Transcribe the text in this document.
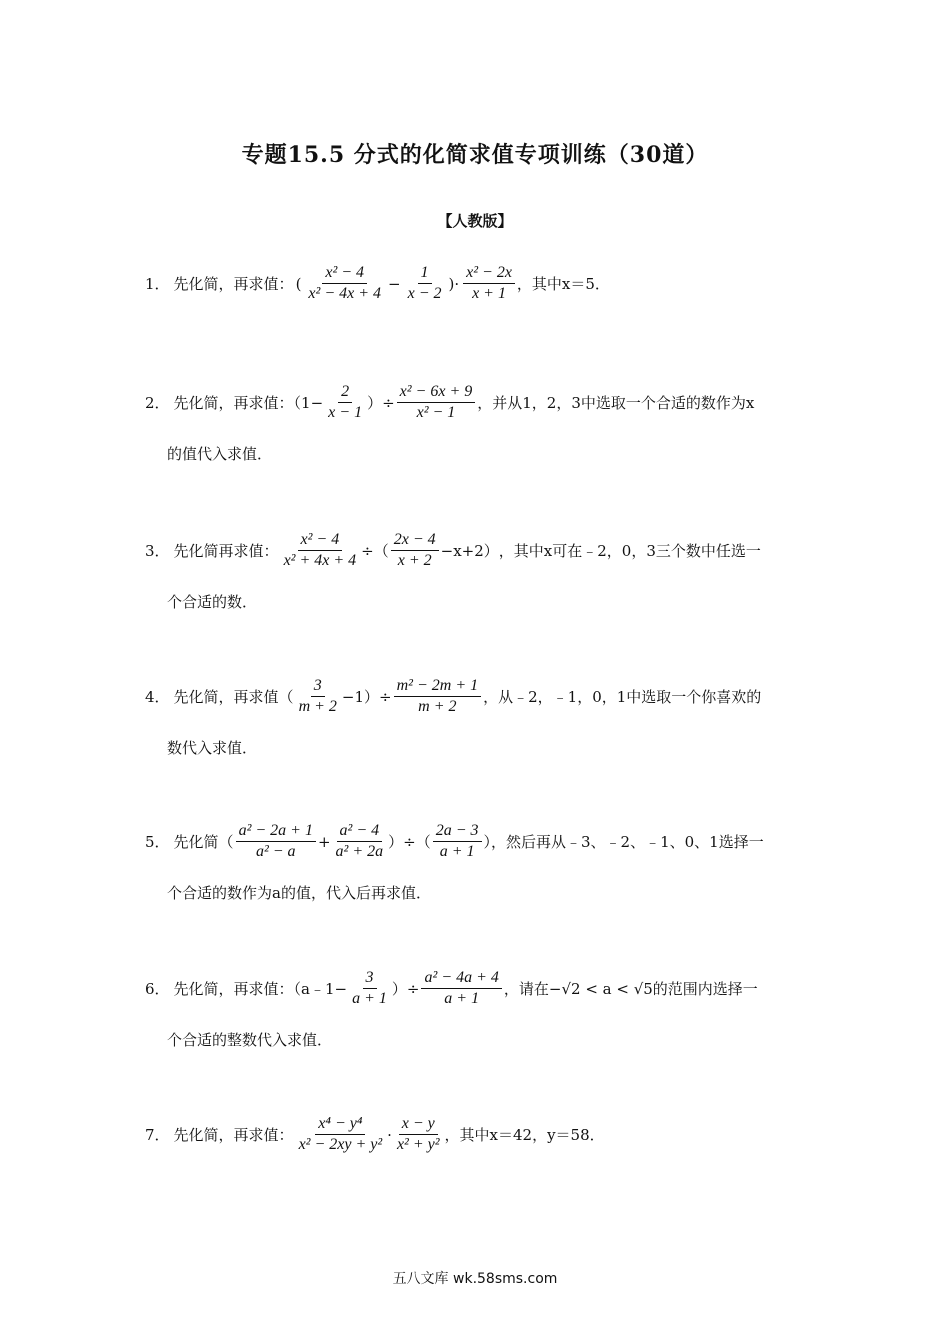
专题15.5 分式的化简求值专项训练（30道）
【人教版】
1． 先化简，再求值： ( $\frac{\text{x² − 4}}{\text{x² − 4x + 4}} - \frac{1}{x - 2}$ )· $\frac{\text{x² − 2x}}{x + 1}$ ，其中x＝5．
2． 先化简，再求值：（$1- \frac{2}{x - 1}$ ）÷ $\frac{\text{x² − 6x + 9}}{\text{x² − 1}}$ ，并从1，2，3中选取一个合适的数作为x
的值代入求值．
3． 先化简再求值： $\frac{\text{x² − 4}}{\text{x² + 4x + 4}}$ ÷（ $\frac{2x - 4}{x + 2} -x+2$） ，其中x可在﹣2，0，3三个数中任选一
个合适的数．
4． 先化简，再求值（ $\frac{3}{m + 2} -1)\div \frac{\text{m² − 2m + 1}}{m + 2}$ ，从﹣2，﹣1，0，1中选取一个你喜欢的
数代入求值．
5． 先化简（ $\frac{\text{a² − 2a + 1}}{\text{a² − a}} + \frac{\text{a² − 4}}{\text{a² + 2a}}$ ）÷（ $\frac{2a - 3}{a + 1}$ ），然后再从﹣3、﹣2、﹣1、0、1选择一
个合适的数作为a的值，代入后再求值．
6． 先化简，再求值：（a﹣1− $\frac{3}{a + 1}$ ）÷ $\frac{\text{a² − 4a + 4}}{a + 1}$ ，请在−√2 < a < √5的范围内选择一
个合适的整数代入求值．
7． 先化简，再求值： $\frac{\text{x⁴ − y⁴}}{\text{x² − 2xy + y²}} \cdot \frac{x - y}{\text{x² + y²}}$ ，其中x＝42，y＝58．
五八文库 wk.58sms.com
